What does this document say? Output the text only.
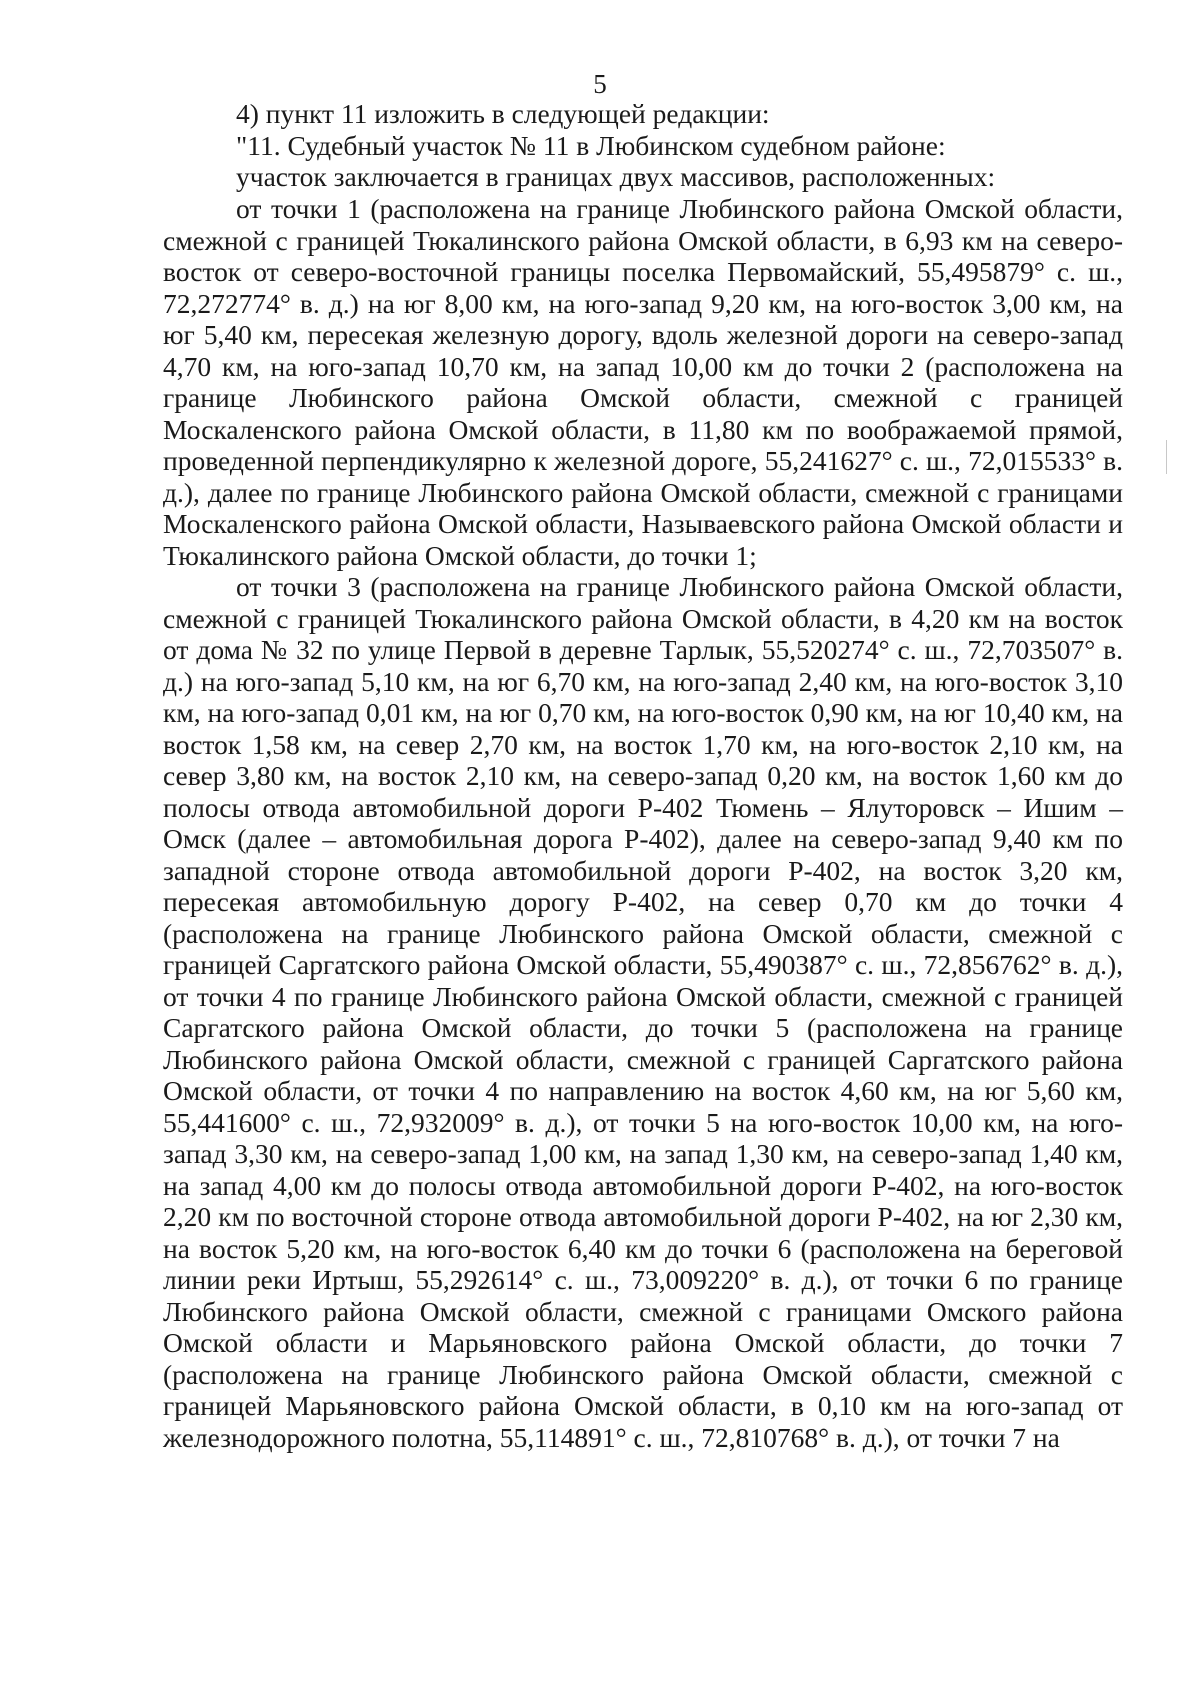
5
4) пункт 11 изложить в следующей редакции:
"11. Судебный участок № 11 в Любинском судебном районе:
участок заключается в границах двух массивов, расположенных:

от точки 1 (расположена на границе Любинского района Омской области, смежной с границей Тюкалинского района Омской области, в 6,93 км на северо-восток от северо-восточной границы поселка Первомайский, 55,495879° с. ш., 72,272774° в. д.) на юг 8,00 км, на юго-запад 9,20 км, на юго-восток 3,00 км, на юг 5,40 км, пересекая железную дорогу, вдоль железной дороги на северо-запад 4,70 км, на юго-запад 10,70 км, на запад 10,00 км до точки 2 (расположена на границе Любинского района Омской области, смежной с границей Москаленского района Омской области, в 11,80 км по воображаемой прямой, проведенной перпендикулярно к железной дороге, 55,241627° с. ш., 72,015533° в. д.), далее по границе Любинского района Омской области, смежной с границами Москаленского района Омской области, Называевского района Омской области и Тюкалинского района Омской области, до точки 1;

от точки 3 (расположена на границе Любинского района Омской области, смежной с границей Тюкалинского района Омской области, в 4,20 км на восток от дома № 32 по улице Первой в деревне Тарлык, 55,520274° с. ш., 72,703507° в. д.) на юго-запад 5,10 км, на юг 6,70 км, на юго-запад 2,40 км, на юго-восток 3,10 км, на юго-запад 0,01 км, на юг 0,70 км, на юго-восток 0,90 км, на юг 10,40 км, на восток 1,58 км, на север 2,70 км, на восток 1,70 км, на юго-восток 2,10 км, на север 3,80 км, на восток 2,10 км, на северо-запад 0,20 км, на восток 1,60 км до полосы отвода автомобильной дороги Р-402 Тюмень – Ялуторовск – Ишим – Омск (далее – автомобильная дорога Р-402), далее на северо-запад 9,40 км по западной стороне отвода автомобильной дороги Р-402, на восток 3,20 км, пересекая автомобильную дорогу Р-402, на север 0,70 км до точки 4 (расположена на границе Любинского района Омской области, смежной с границей Саргатского района Омской области, 55,490387° с. ш., 72,856762° в. д.), от точки 4 по границе Любинского района Омской области, смежной с границей Саргатского района Омской области, до точки 5 (расположена на границе Любинского района Омской области, смежной с границей Саргатского района Омской области, от точки 4 по направлению на восток 4,60 км, на юг 5,60 км, 55,441600° с. ш., 72,932009° в. д.), от точки 5 на юго-восток 10,00 км, на юго-запад 3,30 км, на северо-запад 1,00 км, на запад 1,30 км, на северо-запад 1,40 км, на запад 4,00 км до полосы отвода автомобильной дороги Р-402, на юго-восток 2,20 км по восточной стороне отвода автомобильной дороги Р-402, на юг 2,30 км, на восток 5,20 км, на юго-восток 6,40 км до точки 6 (расположена на береговой линии реки Иртыш, 55,292614° с. ш., 73,009220° в. д.), от точки 6 по границе Любинского района Омской области, смежной с границами Омского района Омской области и Марьяновского района Омской области, до точки 7 (расположена на границе Любинского района Омской области, смежной с границей Марьяновского района Омской области, в 0,10 км на юго-запад от железнодорожного полотна, 55,114891° с. ш., 72,810768° в. д.), от точки 7 на
